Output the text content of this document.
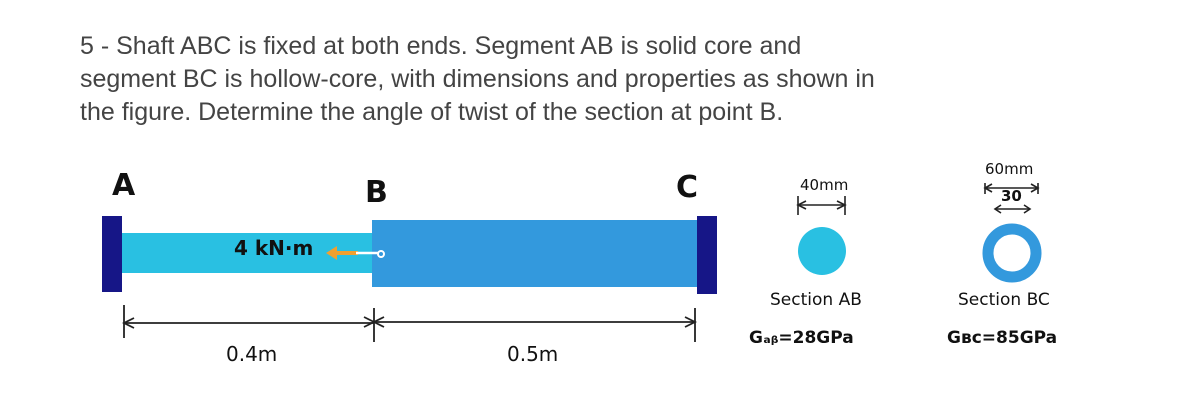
5 - Shaft ABC is fixed at both ends. Segment AB is solid core and
segment BC is hollow-core, with dimensions and properties as shown in
the figure. Determine the angle of twist of the section at point B.
A	B	C
4 kN·m
0.4m	0.5m
40mm
Section AB
Gₐᵦ=28GPa
60mm
30
Section BC
Gʙc=85GPa
